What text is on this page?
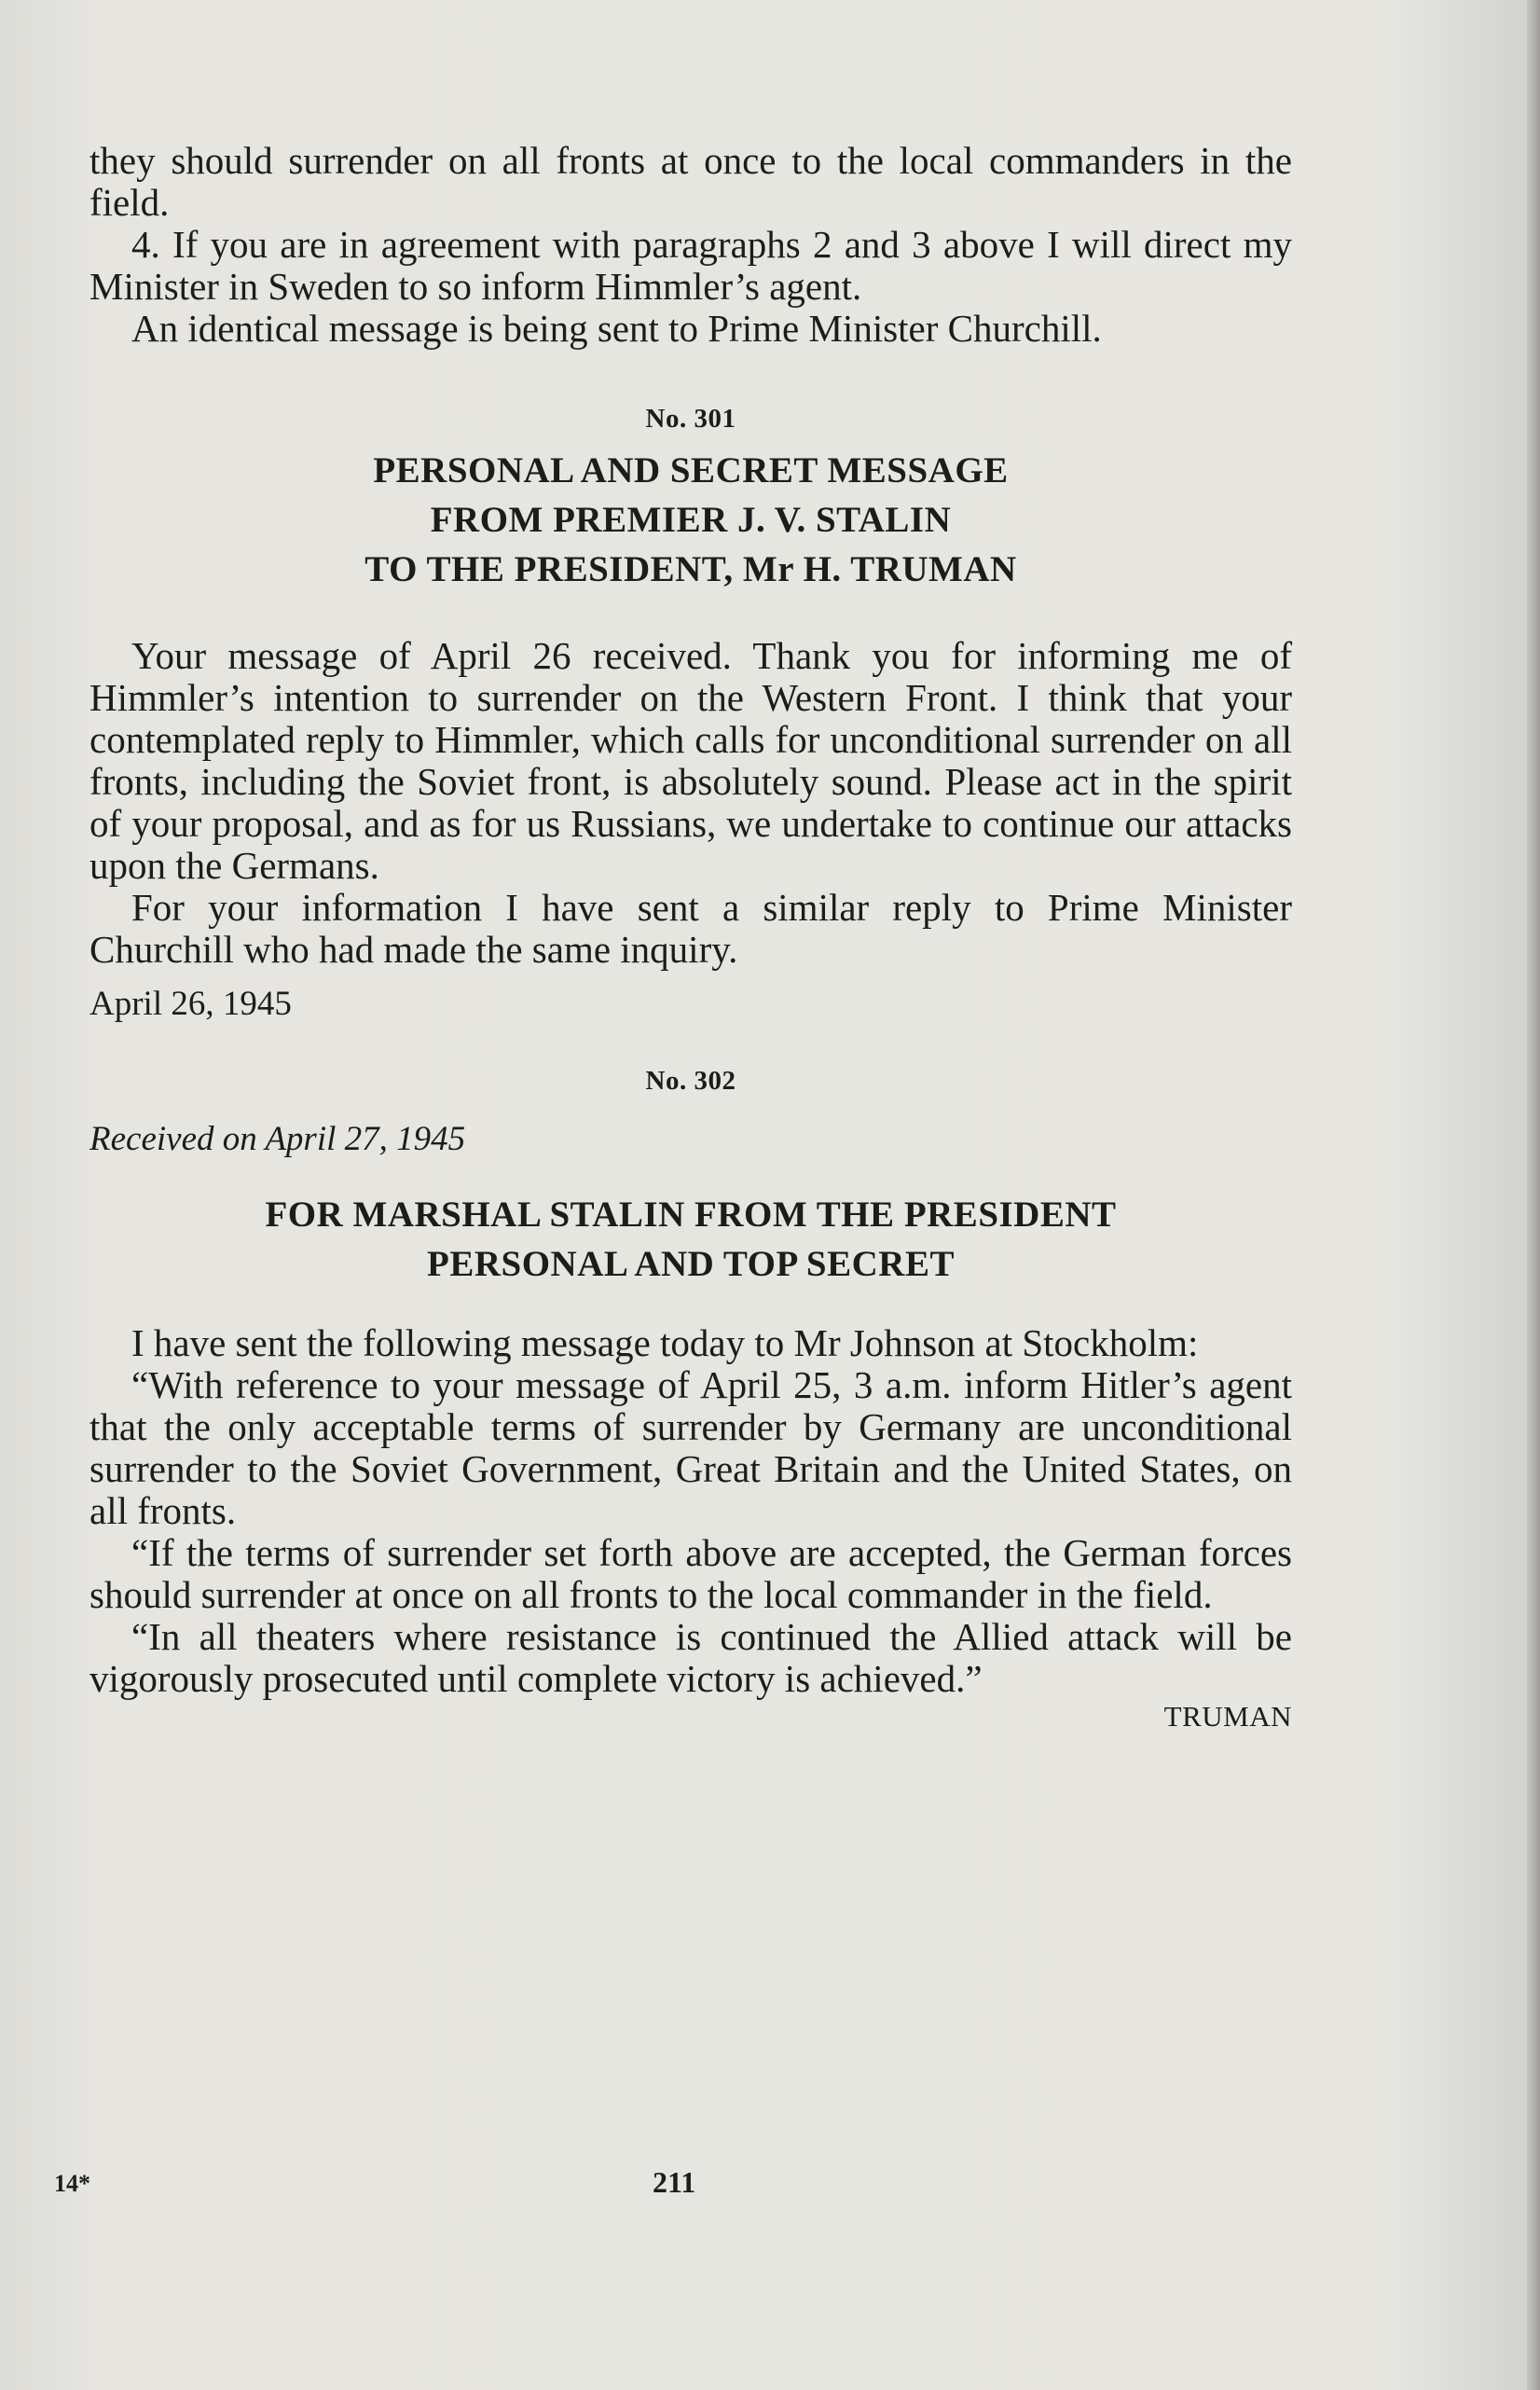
they should surrender on all fronts at once to the local commanders in the field.

4. If you are in agreement with paragraphs 2 and 3 above I will direct my Minister in Sweden to so inform Himmler’s agent.

An identical message is being sent to Prime Minister Churchill.

No. 301
PERSONAL AND SECRET MESSAGE
FROM PREMIER J. V. STALIN
TO THE PRESIDENT, Mr H. TRUMAN

Your message of April 26 received. Thank you for informing me of Himmler’s intention to surrender on the Western Front. I think that your contemplated reply to Himmler, which calls for unconditional surrender on all fronts, including the Soviet front, is absolutely sound. Please act in the spirit of your proposal, and as for us Russians, we undertake to continue our attacks upon the Germans.

For your information I have sent a similar reply to Prime Minister Churchill who had made the same inquiry.

April 26, 1945
No. 302
Received on April 27, 1945
FOR MARSHAL STALIN FROM THE PRESIDENT
PERSONAL AND TOP SECRET

I have sent the following message today to Mr Johnson at Stockholm:

“With reference to your message of April 25, 3 a.m. inform Hitler’s agent that the only acceptable terms of surrender by Germany are unconditional surrender to the Soviet Government, Great Britain and the United States, on all fronts.

“If the terms of surrender set forth above are accepted, the German forces should surrender at once on all fronts to the local commander in the field.

“In all theaters where resistance is continued the Allied attack will be vigorously prosecuted until complete victory is achieved.”

TRUMAN
14*	211
